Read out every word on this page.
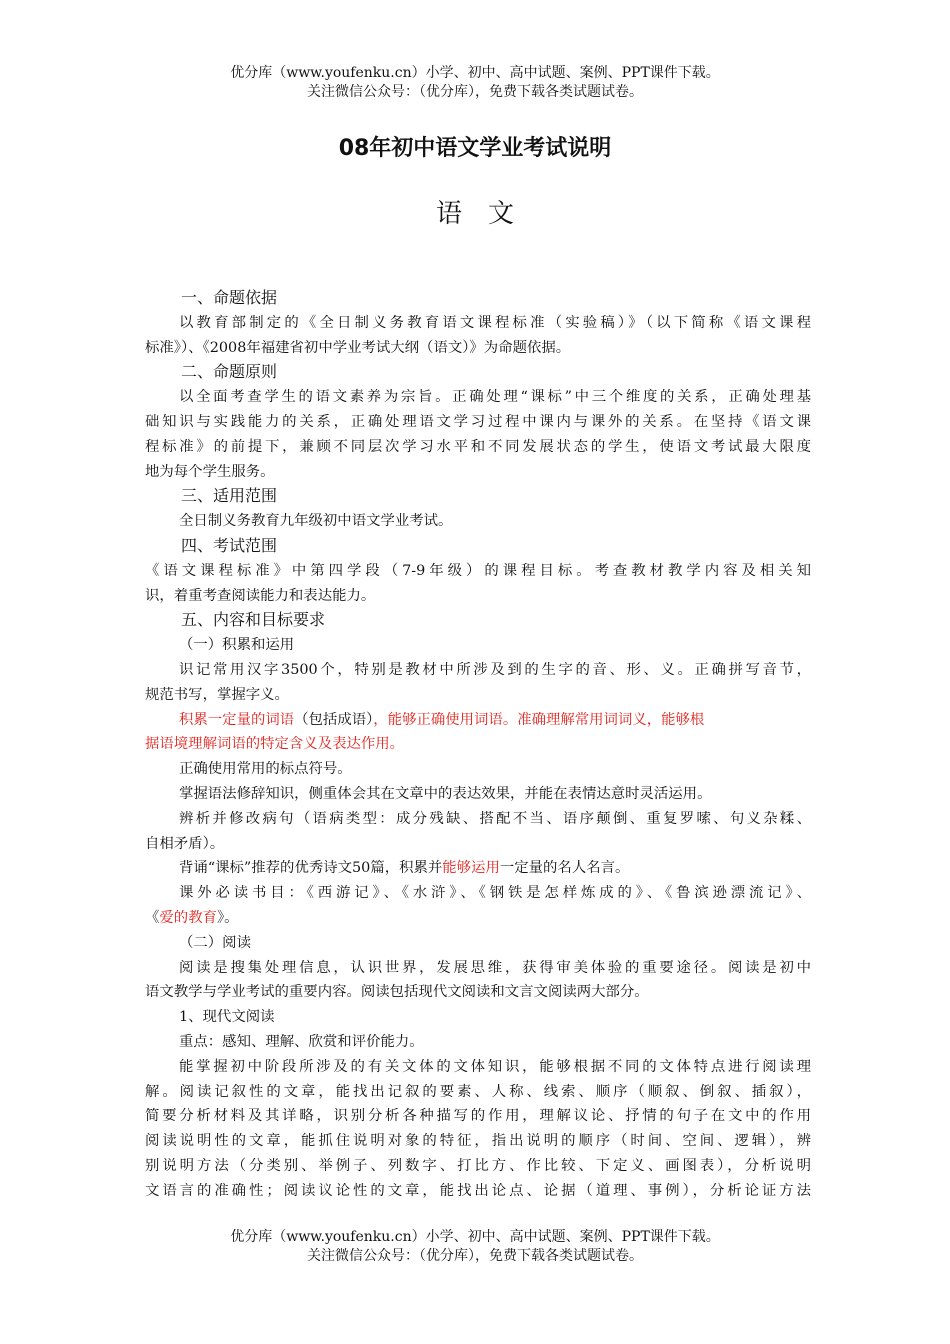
优分库（www.youfenku.cn）小学、初中、高中试题、案例、PPT课件下载。
关注微信公众号：（优分库），免费下载各类试题试卷。
08年初中语文学业考试说明
语　文
一、命题依据
以教育部制定的《全日制义务教育语文课程标准（实验稿）》（以下简称《语文课程
标准》）、《2008年福建省初中学业考试大纲（语文）》为命题依据。
二、命题原则
以全面考查学生的语文素养为宗旨。正确处理“课标”中三个维度的关系，正确处理基
础知识与实践能力的关系，正确处理语文学习过程中课内与课外的关系。在坚持《语文课
程标准》的前提下，兼顾不同层次学习水平和不同发展状态的学生，使语文考试最大限度
地为每个学生服务。
三、适用范围
全日制义务教育九年级初中语文学业考试。
四、考试范围
《语文课程标准》中第四学段（7-9年级）的课程目标。考查教材教学内容及相关知
识，着重考查阅读能力和表达能力。
五、内容和目标要求
（一）积累和运用
识记常用汉字3500个，特别是教材中所涉及到的生字的音、形、义。正确拼写音节，
规范书写，掌握字义。
积累一定量的词语（包括成语），能够正确使用词语。准确理解常用词词义，能够根
据语境理解词语的特定含义及表达作用。
正确使用常用的标点符号。
掌握语法修辞知识，侧重体会其在文章中的表达效果，并能在表情达意时灵活运用。
辨析并修改病句（语病类型：成分残缺、搭配不当、语序颠倒、重复罗嗦、句义杂糅、
自相矛盾）。
背诵“课标”推荐的优秀诗文50篇，积累并能够运用一定量的名人名言。
课外必读书目：《西游记》、《水浒》、《钢铁是怎样炼成的》、《鲁滨逊漂流记》、
《爱的教育》。
（二）阅读
阅读是搜集处理信息，认识世界，发展思维，获得审美体验的重要途径。阅读是初中
语文教学与学业考试的重要内容。阅读包括现代文阅读和文言文阅读两大部分。
1、现代文阅读
重点：感知、理解、欣赏和评价能力。
能掌握初中阶段所涉及的有关文体的文体知识，能够根据不同的文体特点进行阅读理
解。阅读记叙性的文章，能找出记叙的要素、人称、线索、顺序（顺叙、倒叙、插叙），
简要分析材料及其详略，识别分析各种描写的作用，理解议论、抒情的句子在文中的作用
阅读说明性的文章，能抓住说明对象的特征，指出说明的顺序（时间、空间、逻辑），辨
别说明方法（分类别、举例子、列数字、打比方、作比较、下定义、画图表），分析说明
文语言的准确性；阅读议论性的文章，能找出论点、论据（道理、事例），分析论证方法
优分库（www.youfenku.cn）小学、初中、高中试题、案例、PPT课件下载。
关注微信公众号：（优分库），免费下载各类试题试卷。
